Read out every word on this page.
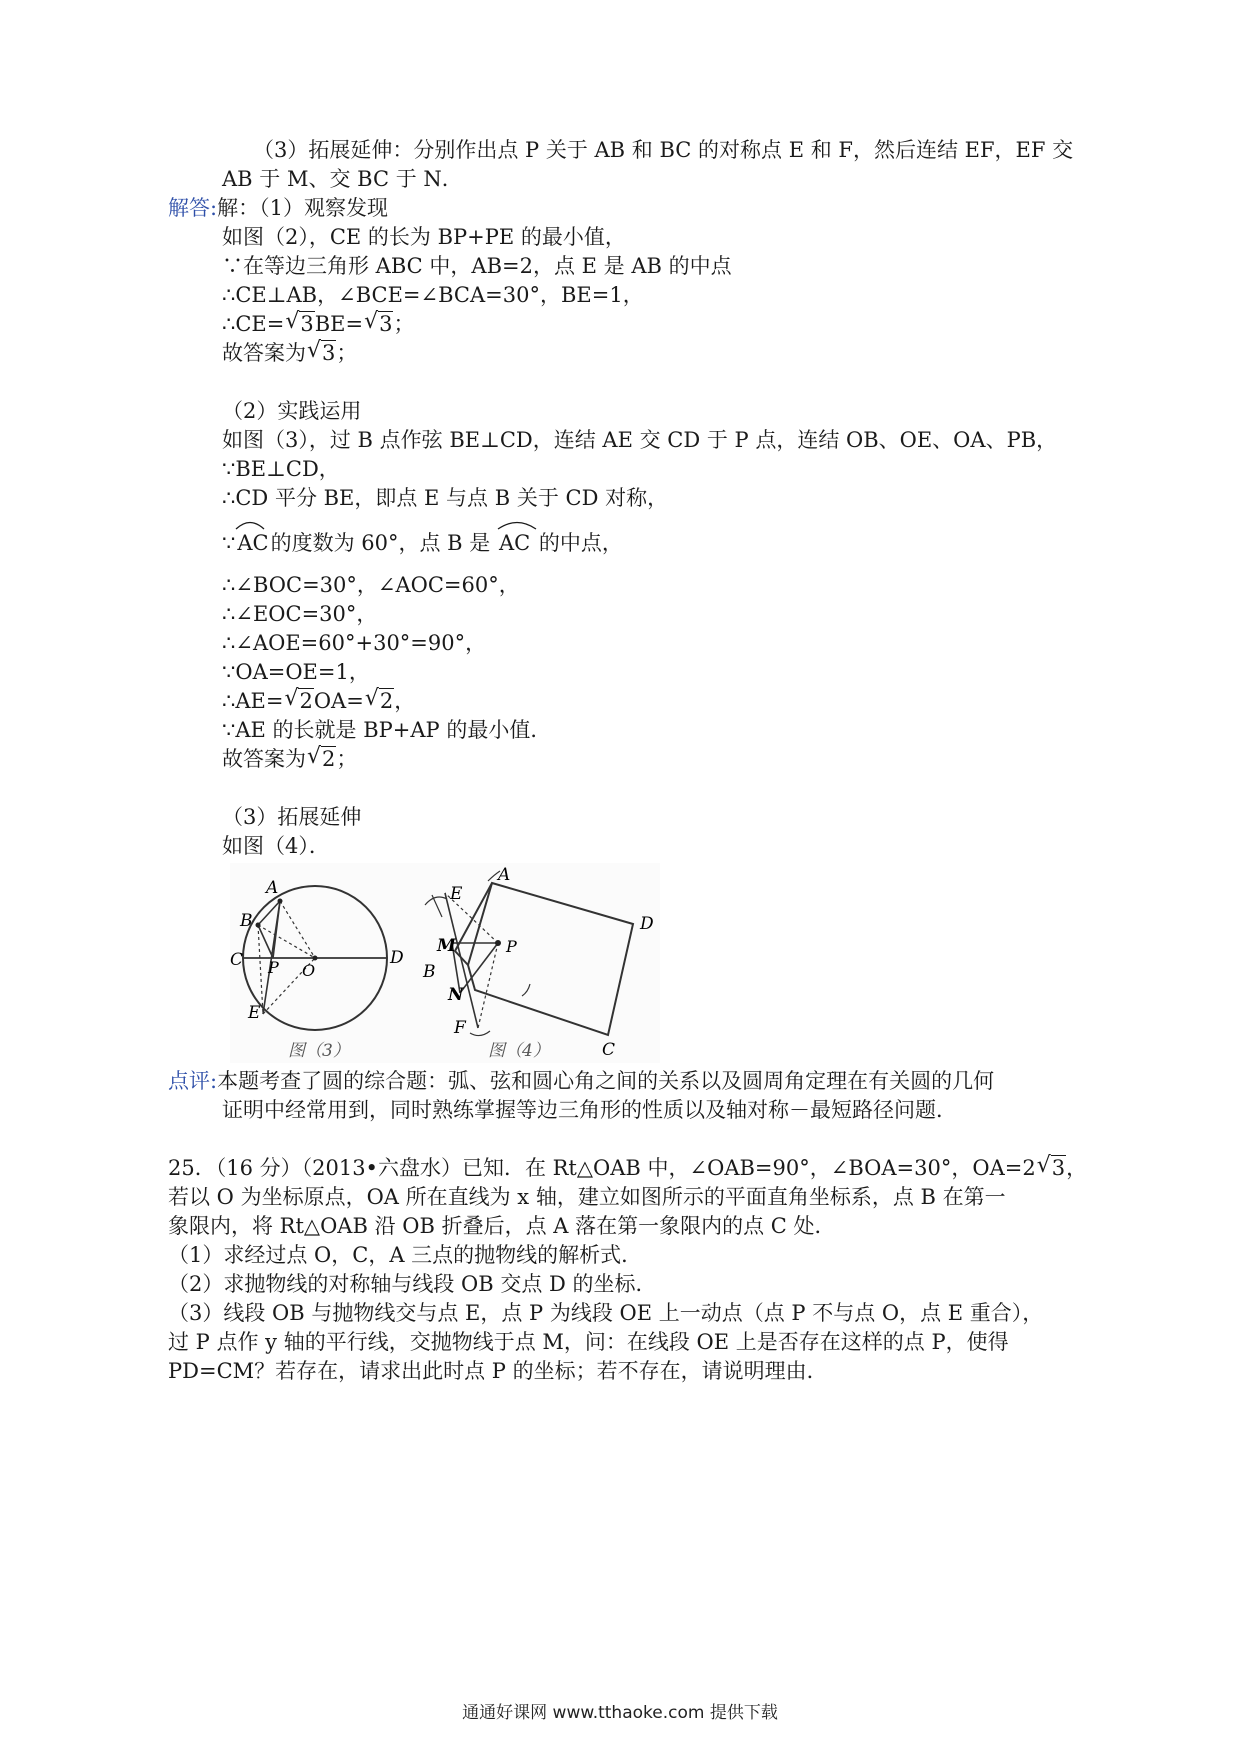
（3）拓展延伸：分别作出点 P 关于 AB 和 BC 的对称点 E 和 F，然后连结 EF，EF 交
AB 于 M、交 BC 于 N．
解答:解：（1）观察发现
如图（2），CE 的长为 BP+PE 的最小值，
∵在等边三角形 ABC 中，AB=2，点 E 是 AB 的中点
∴CE⊥AB，∠BCE=∠BCA=30°，BE=1，
∴CE= √ 3BE= √ 3；
故答案为 √ 3；
（2）实践运用
如图（3），过 B 点作弦 BE⊥CD，连结 AE 交 CD 于 P 点，连结 OB、OE、OA、PB，
∵BE⊥CD，
∴CD 平分 BE，即点 E 与点 B 关于 CD 对称，
∵
AC的度数为 60°，点 B 是 AC 的中点，
∴∠BOC=30°，∠AOC=60°，
∴∠EOC=30°，
∴∠AOE=60°+30°=90°，
∵OA=OE=1，
∴AE= √ 2OA= √ 2，
∵AE 的长就是 BP+AP 的最小值．
故答案为 √ 2；
（3）拓展延伸
如图（4）．
A
B
C	D
E
O
P
图（3）
A
D
C
B
E
F
M
N
P
图（4）
点评:本题考查了圆的综合题：弧、弦和圆心角之间的关系以及圆周角定理在有关圆的几何
证明中经常用到，同时熟练掌握等边三角形的性质以及轴对称－最短路径问题．
25．（16 分）（2013•六盘水）已知．在 Rt△OAB 中，∠OAB=90°，∠BOA=30°，OA=2 √ 3，
若以 O 为坐标原点，OA 所在直线为 x 轴，建立如图所示的平面直角坐标系，点 B 在第一
象限内，将 Rt△OAB 沿 OB 折叠后，点 A 落在第一象限内的点 C 处．
（1）求经过点 O，C，A 三点的抛物线的解析式．
（2）求抛物线的对称轴与线段 OB 交点 D 的坐标．
（3）线段 OB 与抛物线交与点 E，点 P 为线段 OE 上一动点（点 P 不与点 O，点 E 重合），
过 P 点作 y 轴的平行线，交抛物线于点 M，问：在线段 OE 上是否存在这样的点 P，使得
PD=CM？若存在，请求出此时点 P 的坐标；若不存在，请说明理由．
通通好课网 www.tthaoke.com 提供下载
